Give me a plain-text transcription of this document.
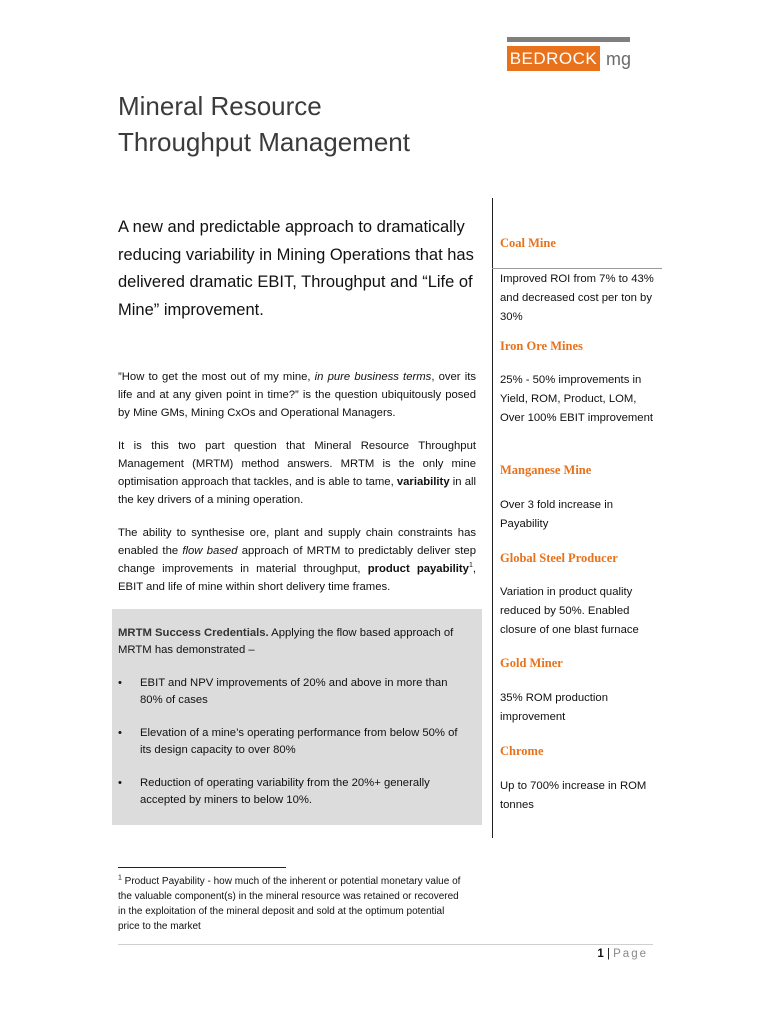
BEDROCK mg
Mineral Resource
Throughput Management
A new and predictable approach to dramatically reducing variability in Mining Operations that has delivered dramatic EBIT, Throughput and “Life of Mine” improvement.
”How to get the most out of my mine, in pure business terms, over its life and at any given point in time?” is the question ubiquitously posed by Mine GMs, Mining CxOs and Operational Managers.
It is this two part question that Mineral Resource Throughput Management (MRTM) method answers. MRTM is the only mine optimisation approach that tackles, and is able to tame, variability in all the key drivers of a mining operation.
The ability to synthesise ore, plant and supply chain constraints has enabled the flow based approach of MRTM to predictably deliver step change improvements in material throughput, product payability$^1$, EBIT and life of mine within short delivery time frames.
MRTM Success Credentials. Applying the flow based approach of MRTM has demonstrated –
• EBIT and NPV improvements of 20% and above in more than 80% of cases
• Elevation of a mine’s operating performance from below 50% of its design capacity to over 80%
• Reduction of operating variability from the 20%+ generally accepted by miners to below 10%.
Coal Mine
Improved ROI from 7% to 43% and decreased cost per ton by 30%
Iron Ore Mines
25% - 50% improvements in Yield, ROM, Product, LOM, Over 100% EBIT improvement
Manganese Mine
Over 3 fold increase in Payability
Global Steel Producer
Variation in product quality reduced by 50%. Enabled closure of one blast furnace
Gold Miner
35% ROM production improvement
Chrome
Up to 700% increase in ROM tonnes
$^1$ Product Payability - how much of the inherent or potential monetary value of the valuable component(s) in the mineral resource was retained or recovered in the exploitation of the mineral deposit and sold at the optimum potential price to the market
1 | Page
